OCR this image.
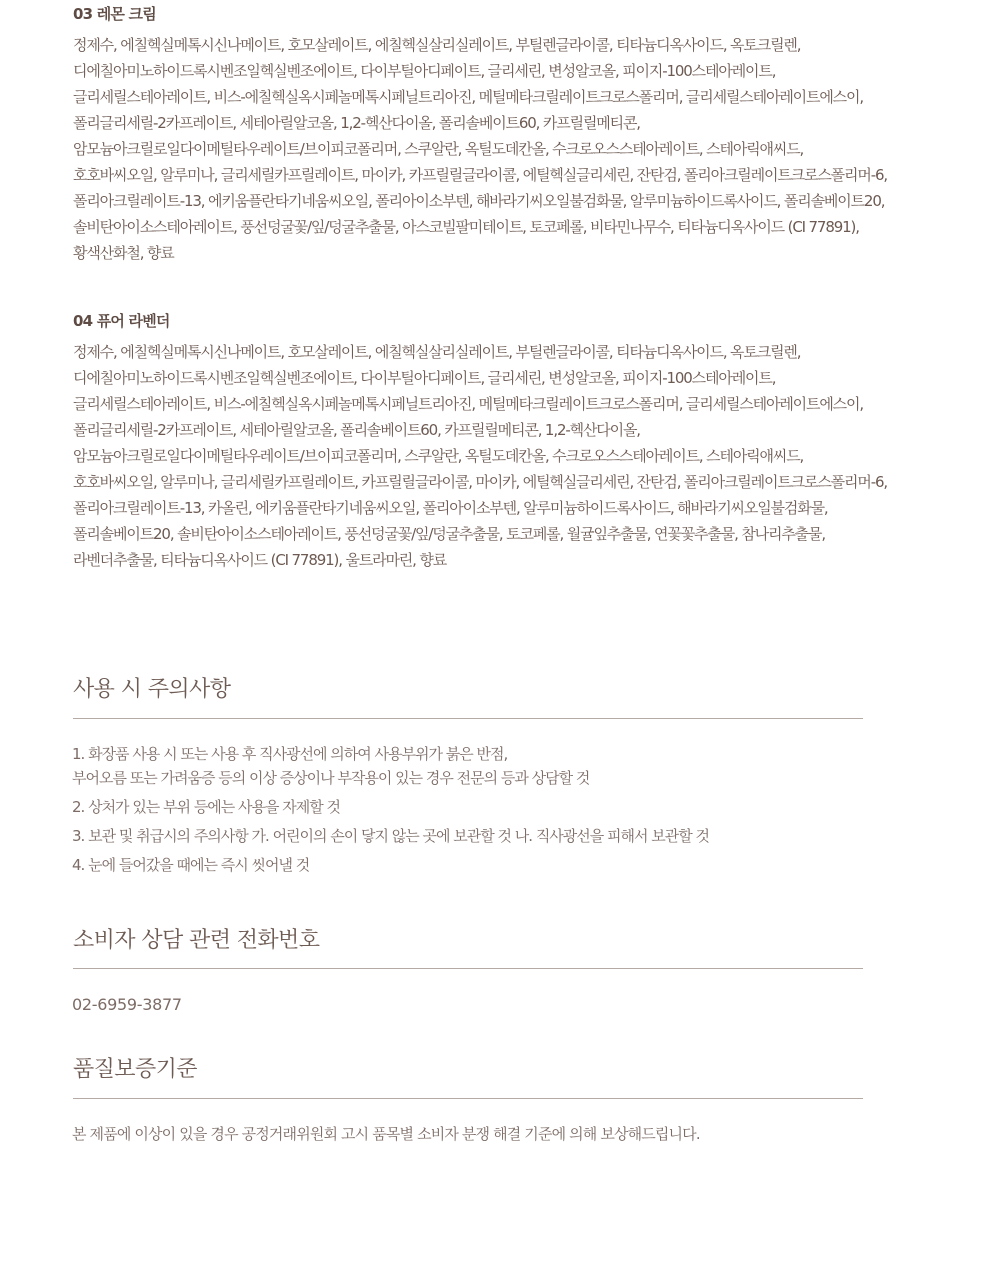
03 레몬 크림
정제수, 에칠헥실메톡시신나메이트, 호모살레이트, 에칠헥실살리실레이트, 부틸렌글라이콜, 티타늄디옥사이드, 옥토크릴렌,
디에칠아미노하이드록시벤조일헥실벤조에이트, 다이부틸아디페이트, 글리세린, 변성알코올, 피이지-100스테아레이트,
글리세릴스테아레이트, 비스-에칠헥실옥시페놀메톡시페닐트리아진, 메틸메타크릴레이트크로스폴리머, 글리세릴스테아레이트에스이,
폴리글리세릴-2카프레이트, 세테아릴알코올, 1,2-헥산다이올, 폴리솔베이트60, 카프릴릴메티콘,
암모늄아크릴로일다이메틸타우레이트/브이피코폴리머, 스쿠알란, 옥틸도데칸올, 수크로오스스테아레이트, 스테아릭애씨드,
호호바씨오일, 알루미나, 글리세릴카프릴레이트, 마이카, 카프릴릴글라이콜, 에틸헥실글리세린, 잔탄검, 폴리아크릴레이트크로스폴리머-6,
폴리아크릴레이트-13, 에키움플란타기네움씨오일, 폴리아이소부텐, 해바라기씨오일불검화물, 알루미늄하이드록사이드, 폴리솔베이트20,
솔비탄아이소스테아레이트, 풍선덩굴꽃/잎/덩굴추출물, 아스코빌팔미테이트, 토코페롤, 비타민나무수, 티타늄디옥사이드 (CI 77891),
황색산화철, 향료
04 퓨어 라벤더
정제수, 에칠헥실메톡시신나메이트, 호모살레이트, 에칠헥실살리실레이트, 부틸렌글라이콜, 티타늄디옥사이드, 옥토크릴렌,
디에칠아미노하이드록시벤조일헥실벤조에이트, 다이부틸아디페이트, 글리세린, 변성알코올, 피이지-100스테아레이트,
글리세릴스테아레이트, 비스-에칠헥실옥시페놀메톡시페닐트리아진, 메틸메타크릴레이트크로스폴리머, 글리세릴스테아레이트에스이,
폴리글리세릴-2카프레이트, 세테아릴알코올, 폴리솔베이트60, 카프릴릴메티콘, 1,2-헥산다이올,
암모늄아크릴로일다이메틸타우레이트/브이피코폴리머, 스쿠알란, 옥틸도데칸올, 수크로오스스테아레이트, 스테아릭애씨드,
호호바씨오일, 알루미나, 글리세릴카프릴레이트, 카프릴릴글라이콜, 마이카, 에틸헥실글리세린, 잔탄검, 폴리아크릴레이트크로스폴리머-6,
폴리아크릴레이트-13, 카올린, 에키움플란타기네움씨오일, 폴리아이소부텐, 알루미늄하이드록사이드, 해바라기씨오일불검화물,
폴리솔베이트20, 솔비탄아이소스테아레이트, 풍선덩굴꽃/잎/덩굴추출물, 토코페롤, 월귤잎추출물, 연꽃꽃추출물, 참나리추출물,
라벤더추출물, 티타늄디옥사이드 (CI 77891), 울트라마린, 향료
사용 시 주의사항
1. 화장품 사용 시 또는 사용 후 직사광선에 의하여 사용부위가 붉은 반점,
부어오름 또는 가려움증 등의 이상 증상이나 부작용이 있는 경우 전문의 등과 상담할 것
2. 상처가 있는 부위 등에는 사용을 자제할 것
3. 보관 및 취급시의 주의사항 가. 어린이의 손이 닿지 않는 곳에 보관할 것 나. 직사광선을 피해서 보관할 것
4. 눈에 들어갔을 때에는 즉시 씻어낼 것
소비자 상담 관련 전화번호
02-6959-3877
품질보증기준
본 제품에 이상이 있을 경우 공정거래위원회 고시 품목별 소비자 분쟁 해결 기준에 의해 보상해드립니다.
